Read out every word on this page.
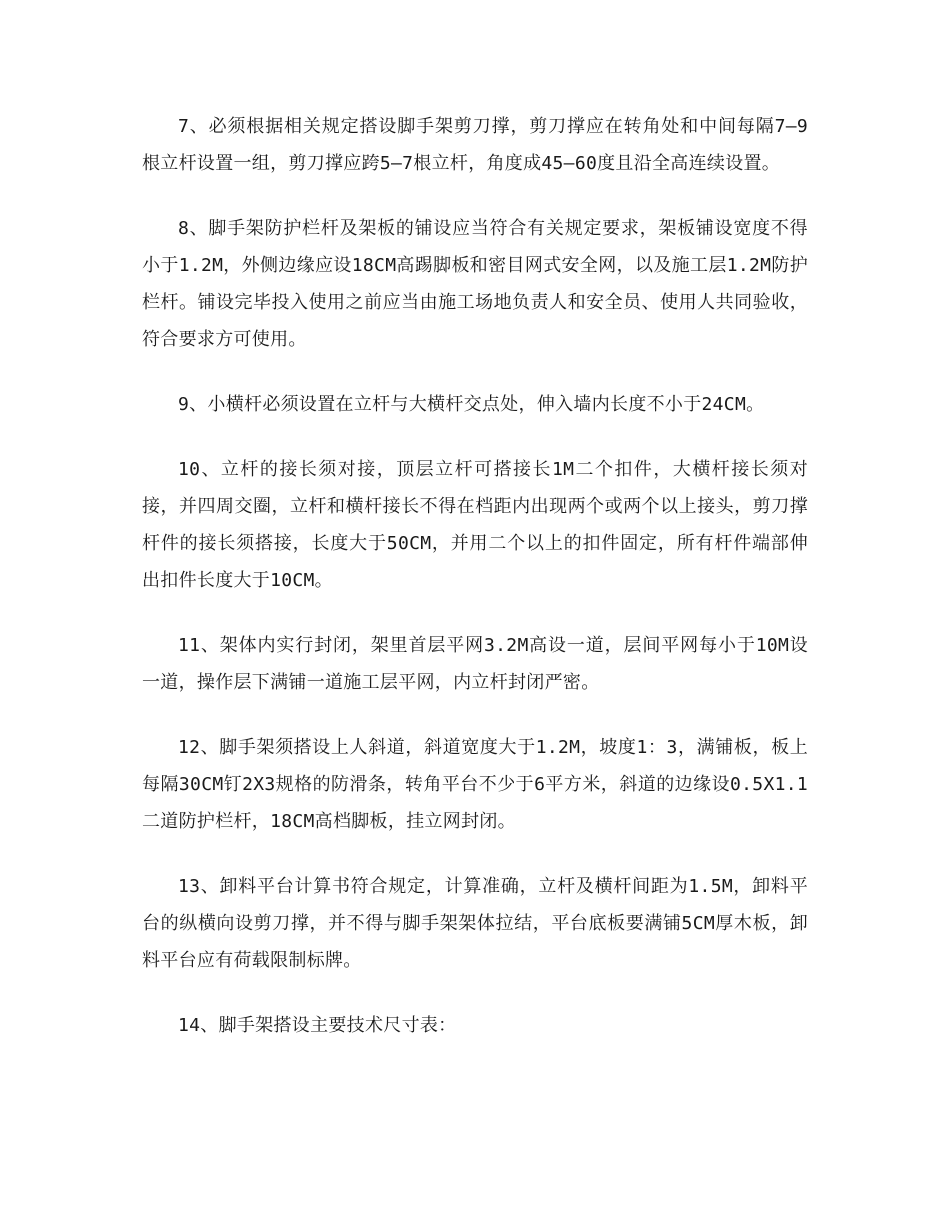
7、必须根据相关规定搭设脚手架剪刀撑，剪刀撑应在转角处和中间每隔7—9根立杆设置一组，剪刀撑应跨5—7根立杆，角度成45—60度且沿全高连续设置。

8、脚手架防护栏杆及架板的铺设应当符合有关规定要求，架板铺设宽度不得小于1.2M，外侧边缘应设18CM高踢脚板和密目网式安全网，以及施工层1.2M防护栏杆。铺设完毕投入使用之前应当由施工场地负责人和安全员、使用人共同验收，符合要求方可使用。

9、小横杆必须设置在立杆与大横杆交点处，伸入墙内长度不小于24CM。

10、立杆的接长须对接，顶层立杆可搭接长1M二个扣件，大横杆接长须对接，并四周交圈，立杆和横杆接长不得在档距内出现两个或两个以上接头，剪刀撑杆件的接长须搭接，长度大于50CM，并用二个以上的扣件固定，所有杆件端部伸出扣件长度大于10CM。

11、架体内实行封闭，架里首层平网3.2M高设一道，层间平网每小于10M设一道，操作层下满铺一道施工层平网，内立杆封闭严密。

12、脚手架须搭设上人斜道，斜道宽度大于1.2M，坡度1：3，满铺板，板上每隔30CM钉2X3规格的防滑条，转角平台不少于6平方米，斜道的边缘设0.5X1.1二道防护栏杆，18CM高档脚板，挂立网封闭。

13、卸料平台计算书符合规定，计算准确，立杆及横杆间距为1.5M，卸料平台的纵横向设剪刀撑，并不得与脚手架架体拉结，平台底板要满铺5CM厚木板，卸料平台应有荷载限制标牌。

14、脚手架搭设主要技术尺寸表：
